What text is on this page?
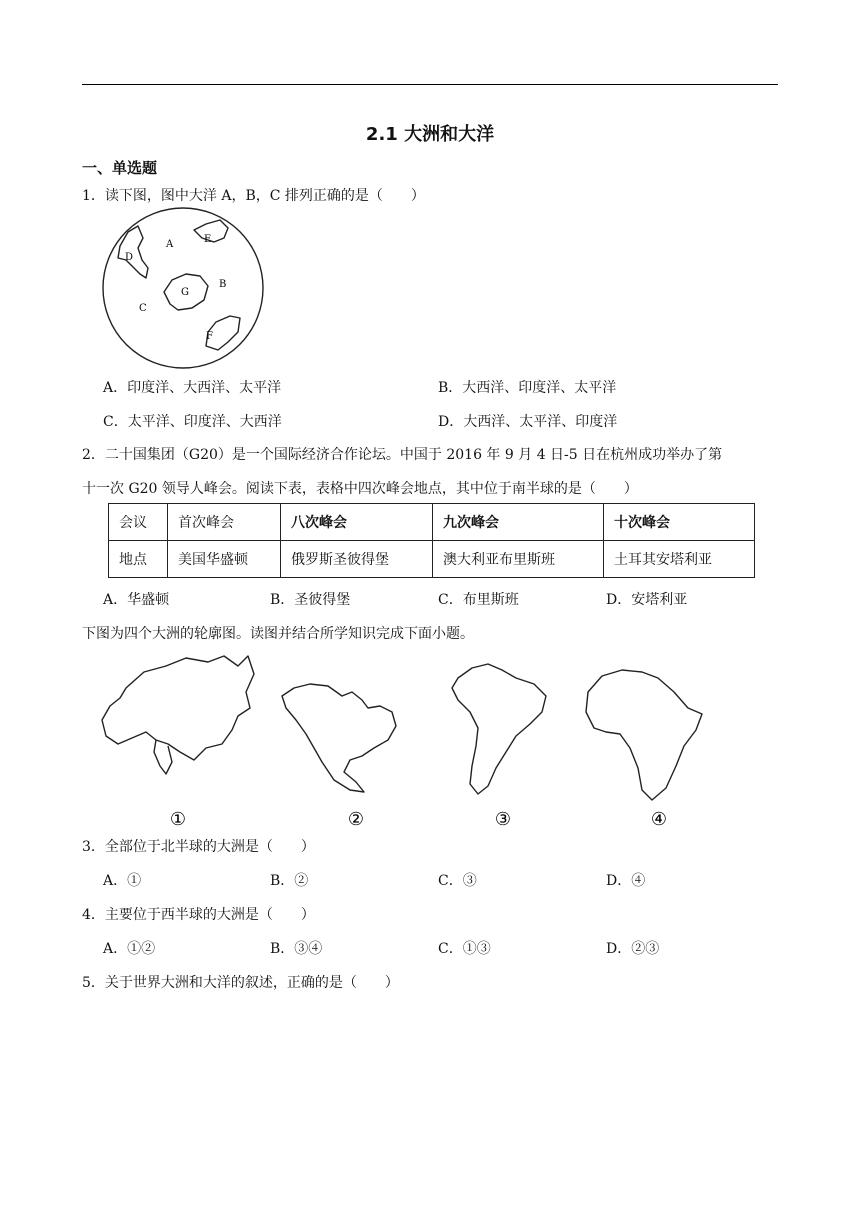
2.1 大洲和大洋
一、单选题
1．读下图，图中大洋 A，B，C 排列正确的是（　　）
A
B
C
D
E
F
G
A．印度洋、大西洋、太平洋	B．大西洋、印度洋、太平洋
C．太平洋、印度洋、大西洋	D．大西洋、太平洋、印度洋
2．二十国集团（G20）是一个国际经济合作论坛。中国于 2016 年 9 月 4 日-5 日在杭州成功举办了第
十一次 G20 领导人峰会。阅读下表，表格中四次峰会地点，其中位于南半球的是（　　）
会议	首次峰会	八次峰会	九次峰会	十次峰会
地点	美国华盛顿	俄罗斯圣彼得堡	澳大利亚布里斯班	土耳其安塔利亚
A．华盛顿	B．圣彼得堡	C．布里斯班	D．安塔利亚
下图为四个大洲的轮廓图。读图并结合所学知识完成下面小题。
①	②	③	④
3．全部位于北半球的大洲是（　　）
A．①	B．②	C．③	D．④
4．主要位于西半球的大洲是（　　）
A．①②	B．③④	C．①③	D．②③
5．关于世界大洲和大洋的叙述，正确的是（　　）
